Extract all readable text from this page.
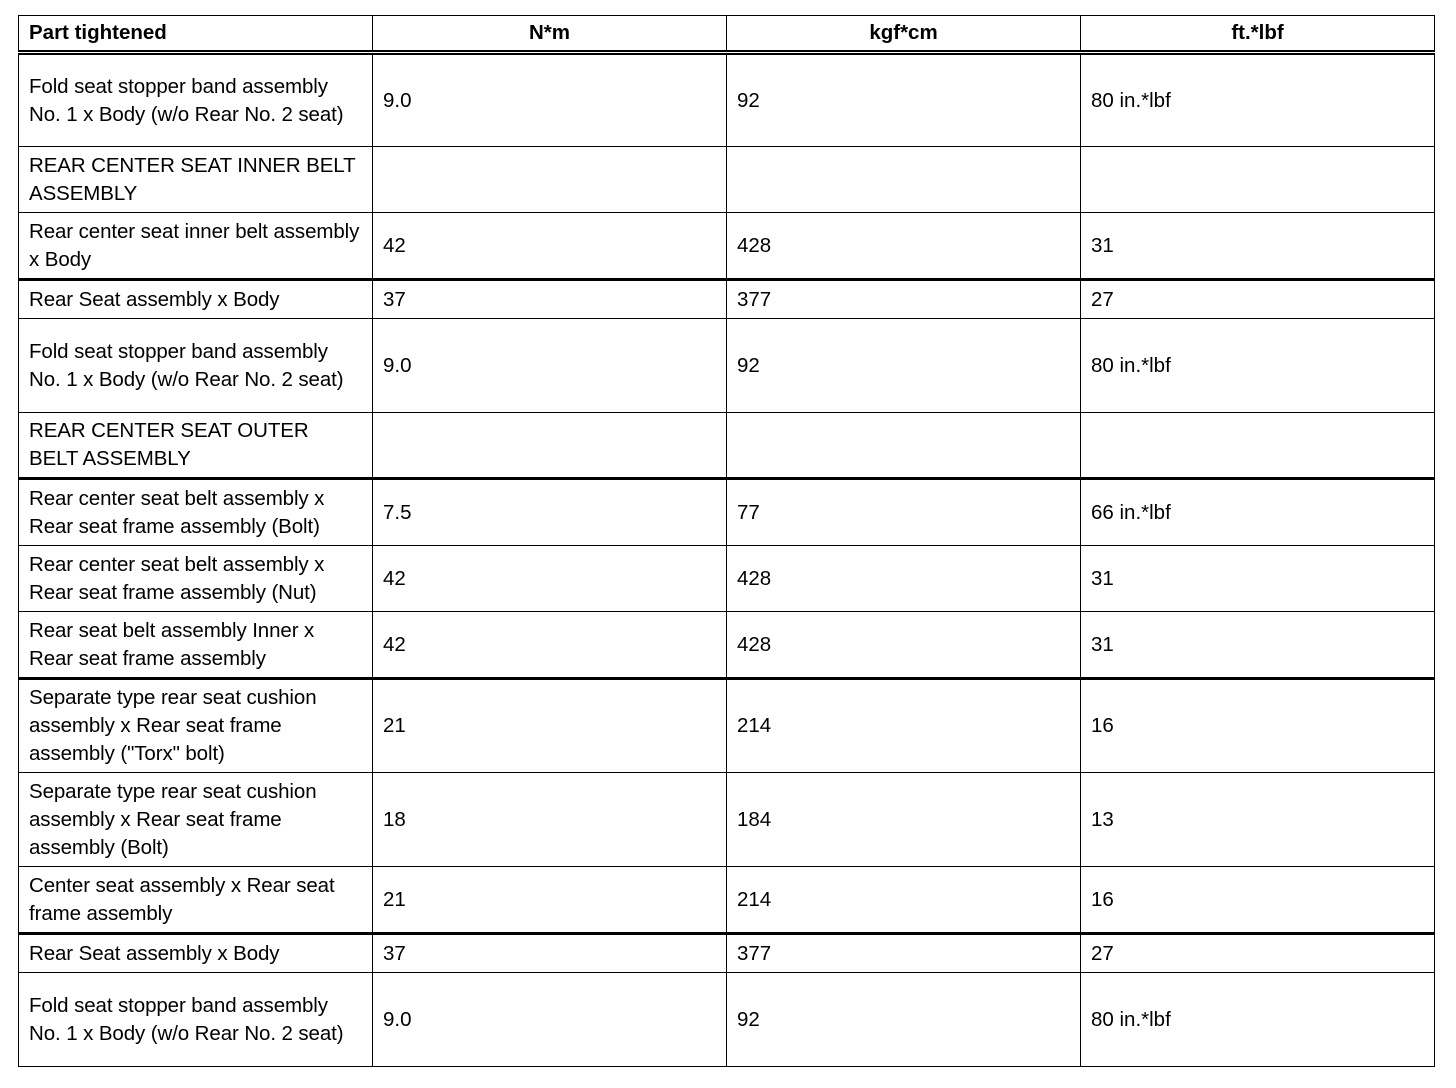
Part tightened	N*m	kgf*cm	ft.*lbf
Fold seat stopper band assembly No. 1 x Body (w/o Rear No. 2 seat)	9.0	92	80 in.*lbf
REAR CENTER SEAT INNER BELT ASSEMBLY			
Rear center seat inner belt assembly x Body	42	428	31
Rear Seat assembly x Body	37	377	27
Fold seat stopper band assembly No. 1 x Body (w/o Rear No. 2 seat)	9.0	92	80 in.*lbf
REAR CENTER SEAT OUTER BELT ASSEMBLY			
Rear center seat belt assembly x Rear seat frame assembly (Bolt)	7.5	77	66 in.*lbf
Rear center seat belt assembly x Rear seat frame assembly (Nut)	42	428	31
Rear seat belt assembly Inner x Rear seat frame assembly	42	428	31
Separate type rear seat cushion assembly x Rear seat frame assembly ("Torx" bolt)	21	214	16
Separate type rear seat cushion assembly x Rear seat frame assembly (Bolt)	18	184	13
Center seat assembly x Rear seat frame assembly	21	214	16
Rear Seat assembly x Body	37	377	27
Fold seat stopper band assembly No. 1 x Body (w/o Rear No. 2 seat)	9.0	92	80 in.*lbf
